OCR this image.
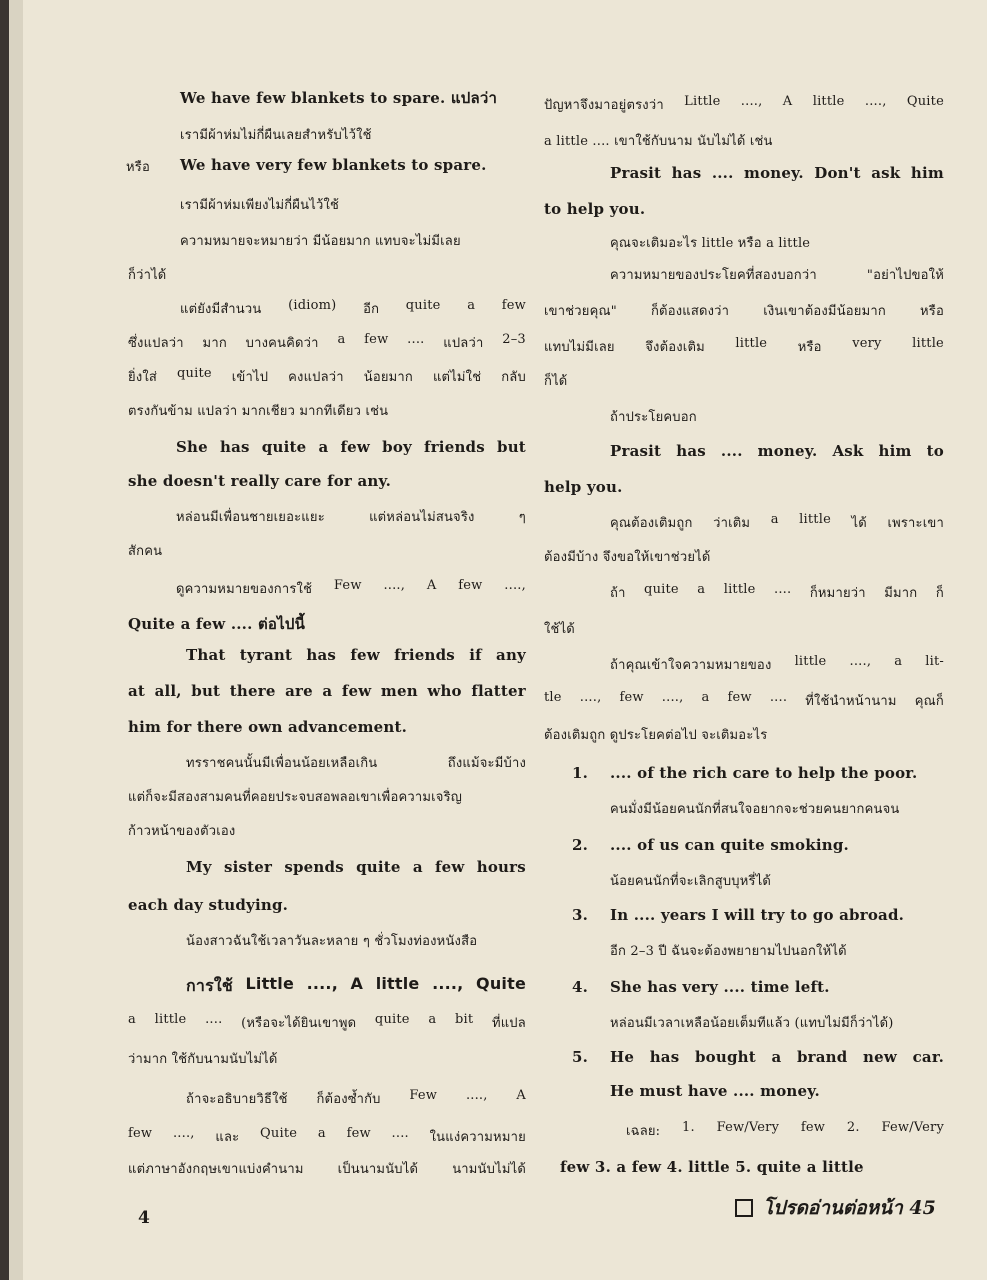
We have few blankets to spare. แปลว่า
เรามีผ้าห่มไม่กี่ผืนเลยสำหรับไว้ใช้
หรือ	We have very few blankets to spare.
เรามีผ้าห่มเพียงไม่กี่ผืนไว้ใช้
ความหมายจะหมายว่า มีน้อยมาก แทบจะไม่มีเลย
ก็ว่าได้
แต่ยังมีสำนวน (idiom) อีก quite a few
ซึ่งแปลว่า มาก บางคนคิดว่า a few .... แปลว่า 2–3
ยิ่งใส่ quite เข้าไป คงแปลว่า น้อยมาก แต่ไม่ใช่ กลับ
ตรงกันข้าม แปลว่า มากเชียว มากทีเดียว เช่น
She has quite a few boy friends but
she doesn't really care for any.
หล่อนมีเพื่อนชายเยอะแยะ	แต่หล่อนไม่สนจริง	ๆ
สักคน
ดูความหมายของการใช้ Few ...., A few ....,
Quite a few .... ต่อไปนี้
That tyrant has few friends if any
at all, but there are a few men who flatter
him for there own advancement.
ทรราชคนนั้นมีเพื่อนน้อยเหลือเกิน	ถึงแม้จะมีบ้าง
แต่ก็จะมีสองสามคนที่คอยประจบสอพลอเขาเพื่อความเจริญ
ก้าวหน้าของตัวเอง
My sister spends quite a few hours
each day studying.
น้องสาวฉันใช้เวลาวันละหลาย ๆ ชั่วโมงท่องหนังสือ
การใช้ Little ...., A little ...., Quite
a little .... (หรือจะได้ยินเขาพูด quite a bit ที่แปล
ว่ามาก ใช้กับนามนับไม่ได้
ถ้าจะอธิบายวิธีใช้ ก็ต้องซ้ำกับ Few ...., A
few ...., และ Quite a few .... ในแง่ความหมาย
แต่ภาษาอังกฤษเขาแบ่งคำนาม	เป็นนามนับได้	นามนับไม่ได้
ปัญหาจึงมาอยู่ตรงว่า Little ...., A little ...., Quite
a little .... เขาใช้กับนาม นับไม่ได้ เช่น
Prasit has .... money. Don't ask him
to help you.
คุณจะเติมอะไร little หรือ a little
ความหมายของประโยคที่สองบอกว่า	"อย่าไปขอให้
เขาช่วยคุณ"	ก็ต้องแสดงว่า	เงินเขาต้องมีน้อยมาก	หรือ
แทบไม่มีเลย จึงต้องเติม little หรือ very little
ก็ได้
ถ้าประโยคบอก
Prasit has .... money. Ask him to
help you.
คุณต้องเติมถูก ว่าเติม a little ได้ เพราะเขา
ต้องมีบ้าง จึงขอให้เขาช่วยได้
ถ้า quite a little .... ก็หมายว่า มีมาก ก็
ใช้ได้
ถ้าคุณเข้าใจความหมายของ little ...., a lit-
tle ...., few ...., a few .... ที่ใช้นำหน้านาม คุณก็
ต้องเติมถูก ดูประโยคต่อไป จะเติมอะไร
1.	.... of the rich care to help the poor.
คนมั่งมีน้อยคนนักที่สนใจอยากจะช่วยคนยากคนจน
2.	.... of us can quite smoking.
น้อยคนนักที่จะเลิกสูบบุหรี่ได้
3.	In .... years I will try to go abroad.
อีก 2–3 ปี ฉันจะต้องพยายามไปนอกให้ได้
4.	She has very .... time left.
หล่อนมีเวลาเหลือน้อยเต็มทีแล้ว (แทบไม่มีก็ว่าได้)
5. He has bought a brand new car.
He must have .... money.
เฉลย: 1. Few/Very few 2. Few/Very
few 3. a few 4. little 5. quite a little
4	โปรดอ่านต่อหน้า 45
